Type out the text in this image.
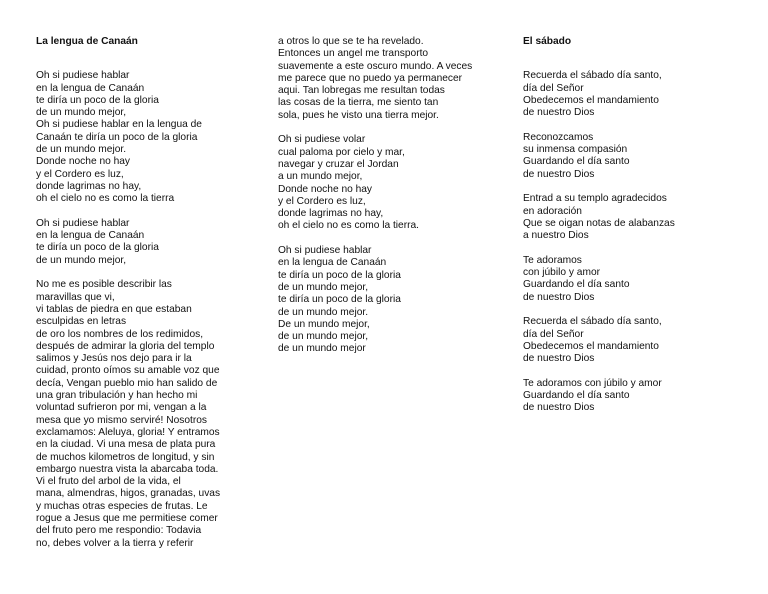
La lengua de Canaán
Oh si pudiese hablar
en la lengua de Canaán
te diría un poco de la gloria
de un mundo mejor,
Oh si pudiese hablar en la lengua de
Canaán te diría un poco de la gloria
de un mundo mejor.
Donde noche no hay
y el Cordero es luz,
donde lagrimas no hay,
oh el cielo no es como la tierra
Oh si pudiese hablar
en la lengua de Canaán
te diría un poco de la gloria
de un mundo mejor,
No me es posible describir las
maravillas que vi,
vi tablas de piedra en que estaban
esculpidas en letras
de oro los nombres de los redimidos,
después de admirar la gloria del templo
salimos y Jesús nos dejo para ir la
cuidad, pronto oímos su amable voz que
decía, Vengan pueblo mio han salido de
una gran tribulación y han hecho mi
voluntad sufrieron por mi, vengan a la
mesa que yo mismo serviré! Nosotros
exclamamos: Aleluya, gloria! Y entramos
en la ciudad. Vi una mesa de plata pura
de muchos kilometros de longitud, y sin
embargo nuestra vista la abarcaba toda.
Vi el fruto del arbol de la vida, el
mana, almendras, higos, granadas, uvas
y muchas otras especies de frutas. Le
rogue a Jesus que me permitiese comer
del fruto pero me respondio: Todavia
no, debes volver a la tierra y referir
a otros lo que se te ha revelado.
Entonces un angel me transporto
suavemente a este oscuro mundo. A veces
me parece que no puedo ya permanecer
aqui. Tan lobregas me resultan todas
las cosas de la tierra, me siento tan
sola, pues he visto una tierra mejor.
Oh si pudiese volar
cual paloma por cielo y mar,
navegar y cruzar el Jordan
a un mundo mejor,
Donde noche no hay
y el Cordero es luz,
donde lagrimas no hay,
oh el cielo no es como la tierra.
Oh si pudiese hablar
en la lengua de Canaán
te diría un poco de la gloria
de un mundo mejor,
te diría un poco de la gloria
de un mundo mejor.
De un mundo mejor,
de un mundo mejor,
de un mundo mejor
El sábado
Recuerda el sábado día santo,
día del Señor
Obedecemos el mandamiento
de nuestro Dios
Reconozcamos
su inmensa compasión
Guardando el día santo
de nuestro Dios
Entrad a su templo agradecidos
en adoración
Que se oigan notas de alabanzas
a nuestro Dios
Te adoramos
con júbilo y amor
Guardando el día santo
de nuestro Dios
Recuerda el sábado día santo,
día del Señor
Obedecemos el mandamiento
de nuestro Dios
Te adoramos con júbilo y amor
Guardando el día santo
de nuestro Dios
